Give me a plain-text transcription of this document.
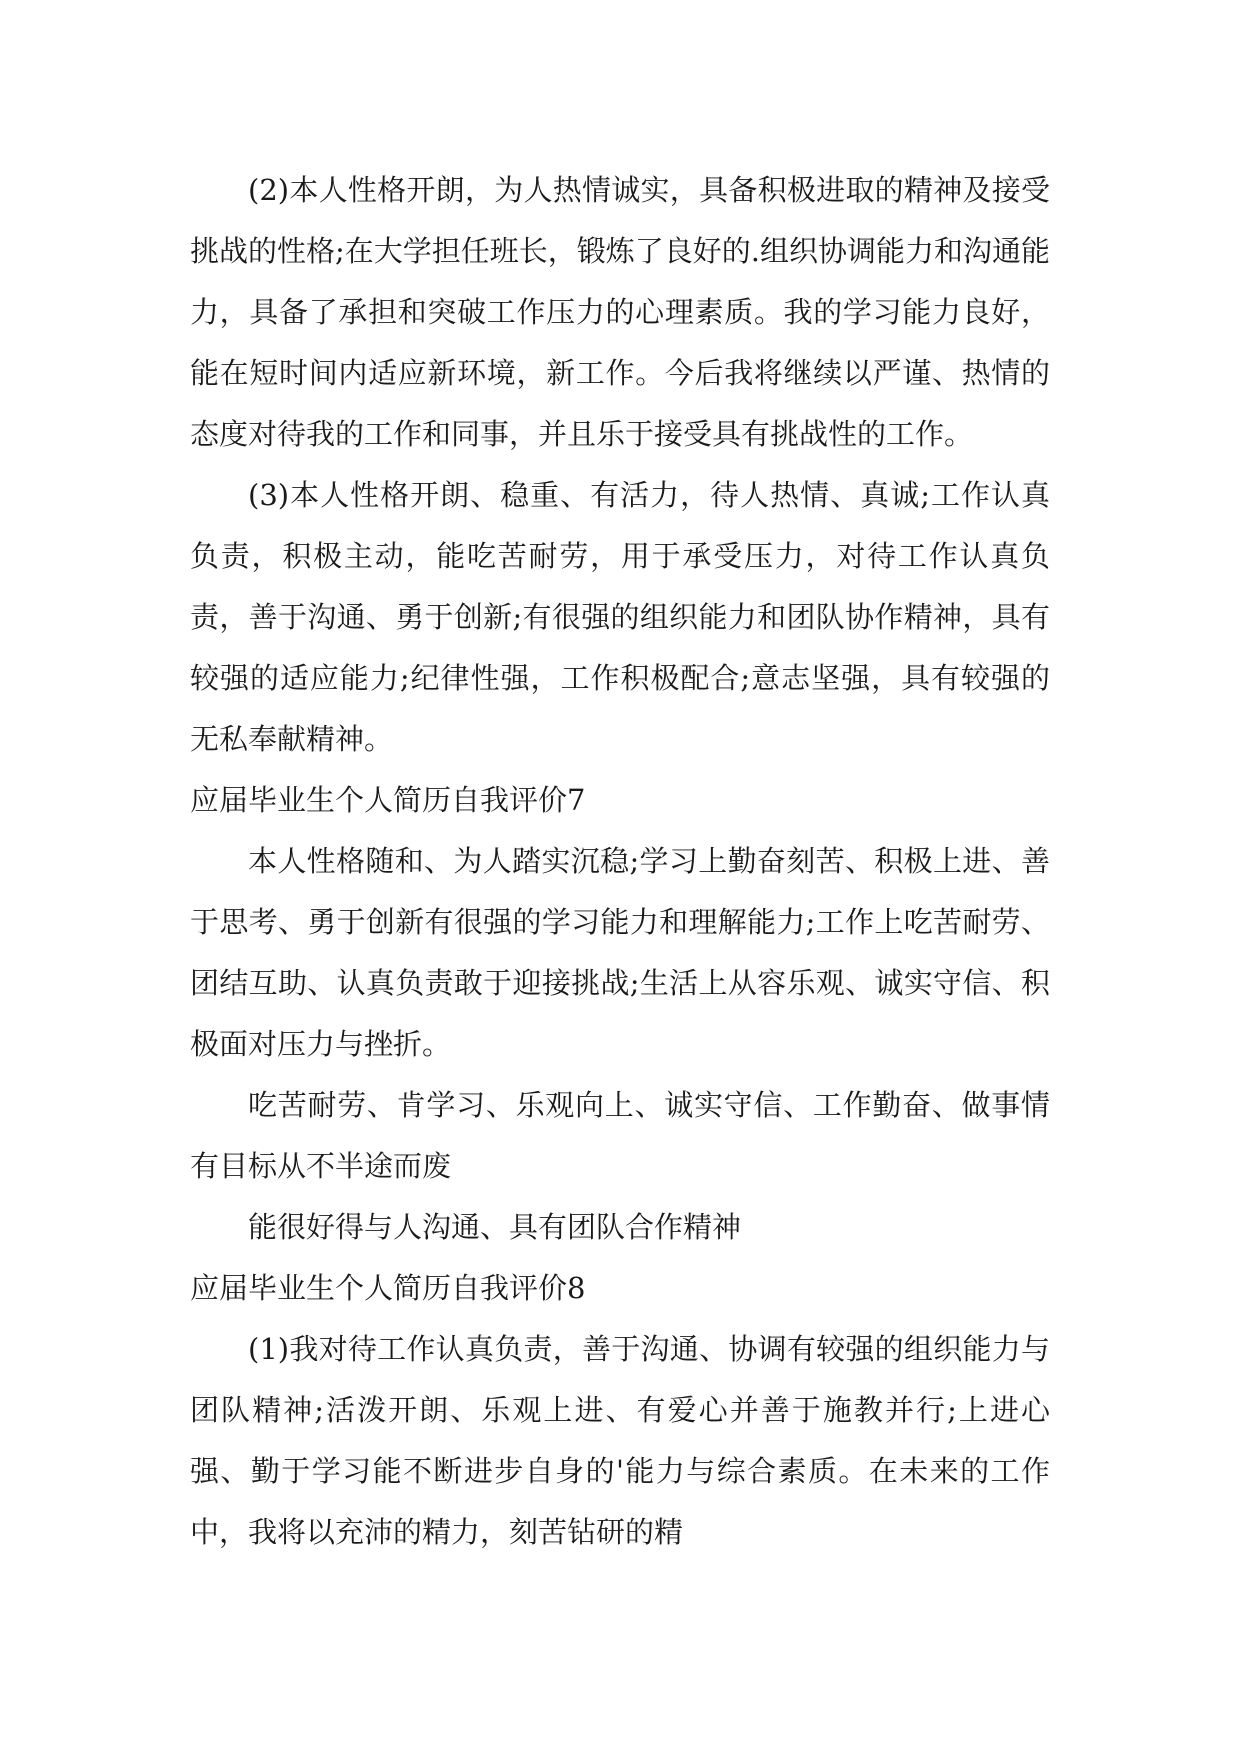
(2)本人性格开朗，为人热情诚实，具备积极进取的精神及接受挑战的性格;在大学担任班长，锻炼了良好的.组织协调能力和沟通能力，具备了承担和突破工作压力的心理素质。我的学习能力良好，能在短时间内适应新环境，新工作。今后我将继续以严谨、热情的态度对待我的工作和同事，并且乐于接受具有挑战性的工作。

(3)本人性格开朗、稳重、有活力，待人热情、真诚;工作认真负责，积极主动，能吃苦耐劳，用于承受压力，对待工作认真负责，善于沟通、勇于创新;有很强的组织能力和团队协作精神，具有较强的适应能力;纪律性强，工作积极配合;意志坚强，具有较强的无私奉献精神。

应届毕业生个人简历自我评价7

本人性格随和、为人踏实沉稳;学习上勤奋刻苦、积极上进、善于思考、勇于创新有很强的学习能力和理解能力;工作上吃苦耐劳、团结互助、认真负责敢于迎接挑战;生活上从容乐观、诚实守信、积极面对压力与挫折。

吃苦耐劳、肯学习、乐观向上、诚实守信、工作勤奋、做事情有目标从不半途而废

能很好得与人沟通、具有团队合作精神

应届毕业生个人简历自我评价8

(1)我对待工作认真负责，善于沟通、协调有较强的组织能力与团队精神;活泼开朗、乐观上进、有爱心并善于施教并行;上进心强、勤于学习能不断进步自身的'能力与综合素质。在未来的工作中，我将以充沛的精力，刻苦钻研的精
